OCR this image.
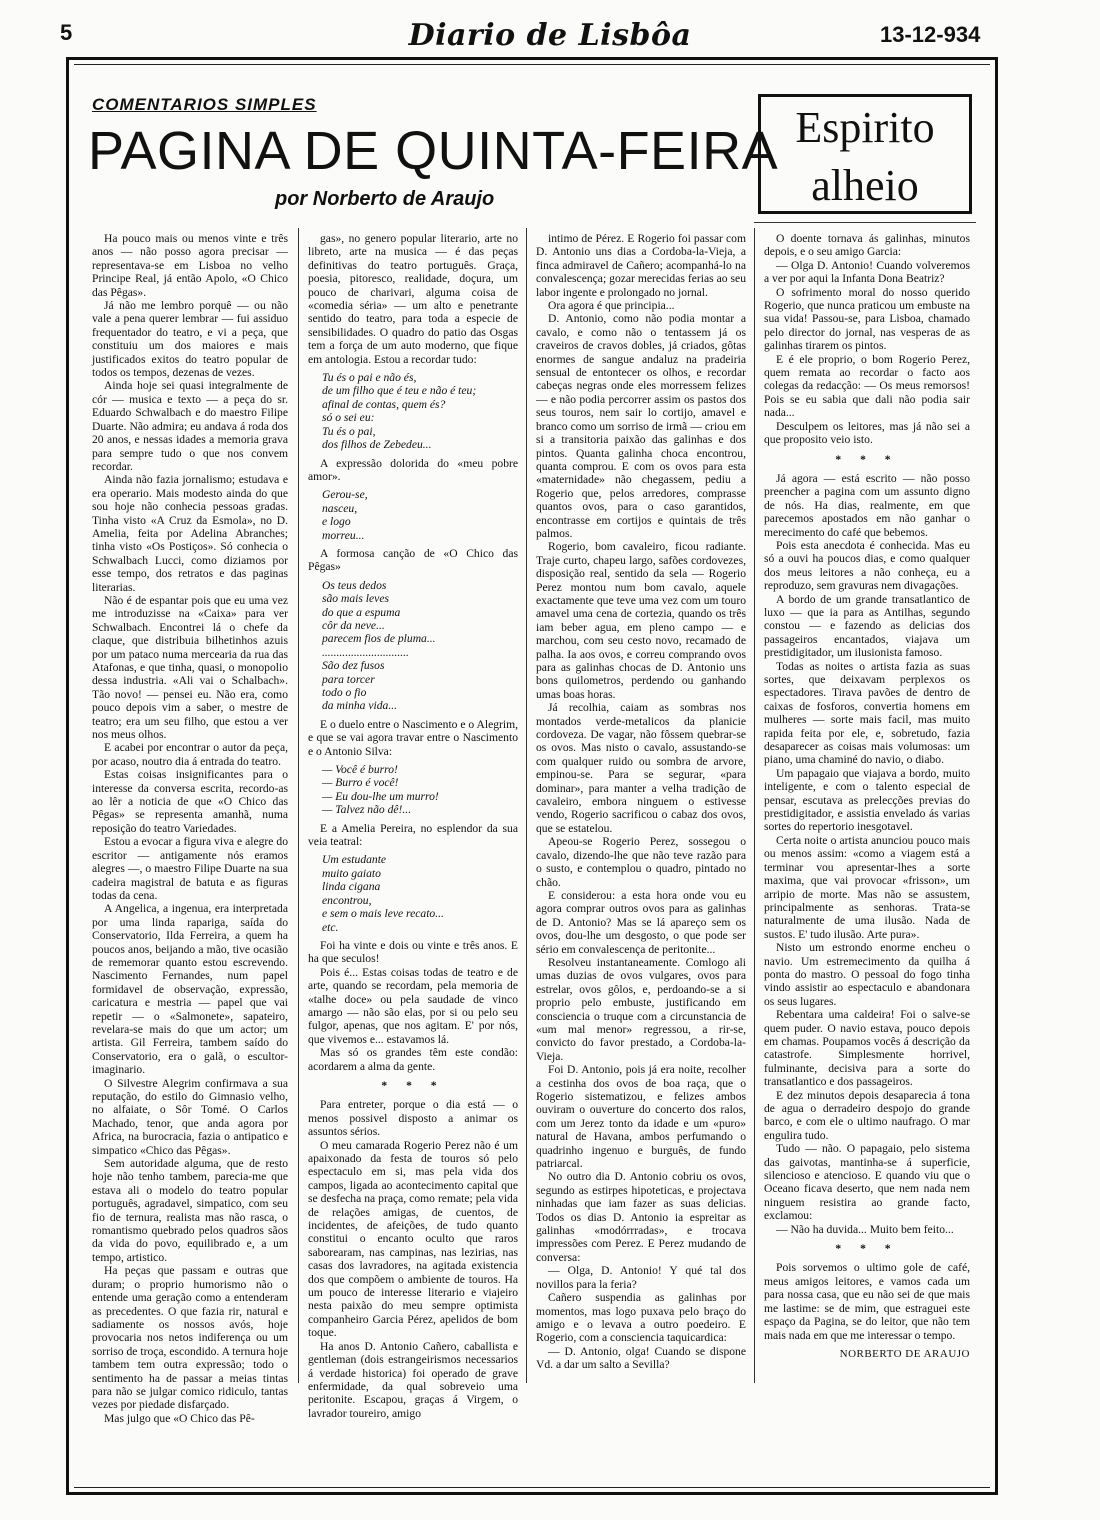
5	Diario de Lisbôa	13-12-934
COMENTARIOS SIMPLES
PAGINA DE QUINTA-FEIRA
por Norberto de Araujo
Espirito
alheio

Ha pouco mais ou menos vinte e três anos — não posso agora precisar — representava-se em Lisboa no velho Principe Real, já então Apolo, «O Chico das Pêgas».

Já não me lembro porquê — ou não vale a pena querer lembrar — fui assiduo frequentador do teatro, e vi a peça, que constituiu um dos maiores e mais justificados exitos do teatro popular de todos os tempos, dezenas de vezes.

Ainda hoje sei quasi integralmente de cór — musica e texto — a peça do sr. Eduardo Schwalbach e do maestro Filipe Duarte. Não admira; eu andava á roda dos 20 anos, e nessas idades a memoria grava para sempre tudo o que nos convem recordar.

Ainda não fazia jornalismo; estudava e era operario. Mais modesto ainda do que sou hoje não conhecia pessoas gradas. Tinha visto «A Cruz da Esmola», no D. Amelia, feita por Adelina Abranches; tinha visto «Os Postiços». Só conhecia o Schwalbach Lucci, como diziamos por esse tempo, dos retratos e das paginas literarias.

Não é de espantar pois que eu uma vez me introduzisse na «Caixa» para ver Schwalbach. Encontrei lá o chefe da claque, que distribuia bilhetinhos azuis por um pataco numa mercearia da rua das Atafonas, e que tinha, quasi, o monopolio dessa industria. «Ali vai o Schalbach». Tão novo! — pensei eu. Não era, como pouco depois vim a saber, o mestre de teatro; era um seu filho, que estou a ver nos meus olhos.

E acabei por encontrar o autor da peça, por acaso, noutro dia á entrada do teatro.

Estas coisas insignificantes para o interesse da conversa escrita, recordo-as ao lêr a noticia de que «O Chico das Pêgas» se representa amanhã, numa reposição do teatro Variedades.

Estou a evocar a figura viva e alegre do escritor — antigamente nós eramos alegres —, o maestro Filipe Duarte na sua cadeira magistral de batuta e as figuras todas da cena.

A Angelica, a ingenua, era interpretada por uma linda rapariga, saída do Conservatorio, Ilda Ferreira, a quem ha poucos anos, beijando a mão, tive ocasião de rememorar quanto estou escrevendo. Nascimento Fernandes, num papel formidavel de observação, expressão, caricatura e mestria — papel que vai repetir — o «Salmonete», sapateiro, revelara-se mais do que um actor; um artista. Gil Ferreira, tambem saído do Conservatorio, era o galã, o escultor-imaginario.

O Silvestre Alegrim confirmava a sua reputação, do estilo do Gimnasio velho, no alfaiate, o Sôr Tomé. O Carlos Machado, tenor, que anda agora por Africa, na burocracia, fazia o antipatico e simpatico «Chico das Pêgas».

Sem autoridade alguma, que de resto hoje não tenho tambem, parecia-me que estava ali o modelo do teatro popular português, agradavel, simpatico, com seu fio de ternura, realista mas não rasca, o romantismo quebrado pelos quadros sãos da vida do povo, equilibrado e, a um tempo, artistico.

Ha peças que passam e outras que duram; o proprio humorismo não o entende uma geração como a entenderam as precedentes. O que fazia rir, natural e sadiamente os nossos avós, hoje provocaria nos netos indiferença ou um sorriso de troça, escondido. A ternura hoje tambem tem outra expressão; todo o sentimento ha de passar a meias tintas para não se julgar comico ridiculo, tantas vezes por piedade disfarçado.

Mas julgo que «O Chico das Pê-

gas», no genero popular literario, arte no libreto, arte na musica — é das peças definitivas do teatro português. Graça, poesia, pitoresco, realidade, doçura, um pouco de charivari, alguma coisa de «comedia séria» — um alto e penetrante sentido do teatro, para toda a especie de sensibilidades. O quadro do patio das Osgas tem a força de um auto moderno, que fique em antologia. Estou a recordar tudo:

Tu és o pai e não és,
de um filho que é teu e não é teu;
afinal de contas, quem és?
só o sei eu:
Tu és o pai,
dos filhos de Zebedeu...

A expressão dolorida do «meu pobre amor».

Gerou-se,
nasceu,
e logo
morreu...

A formosa canção de «O Chico das Pêgas»

Os teus dedos
são mais leves
do que a espuma
côr da neve...
parecem fios de pluma...
..............................
São dez fusos
para torcer
todo o fio
da minha vida...

E o duelo entre o Nascimento e o Alegrim, e que se vai agora travar entre o Nascimento e o Antonio Silva:

— Você é burro!
— Burro é você!
— Eu dou-lhe um murro!
— Talvez não dê!...

E a Amelia Pereira, no esplendor da sua veia teatral:

Um estudante
muito gaiato
linda cigana
encontrou,
e sem o mais leve recato...
etc.

Foi ha vinte e dois ou vinte e três anos. E ha que seculos!

Pois é... Estas coisas todas de teatro e de arte, quando se recordam, pela memoria de «talhe doce» ou pela saudade de vinco amargo — não são elas, por si ou pelo seu fulgor, apenas, que nos agitam. E' por nós, que vivemos e... estavamos lá.

Mas só os grandes têm este condão: acordarem a alma da gente.

* * *

Para entreter, porque o dia está — o menos possivel disposto a animar os assuntos sérios.

O meu camarada Rogerio Perez não é um apaixonado da festa de touros só pelo espectaculo em si, mas pela vida dos campos, ligada ao acontecimento capital que se desfecha na praça, como remate; pela vida de relações amigas, de cuentos, de incidentes, de afeições, de tudo quanto constitui o encanto oculto que raros saborearam, nas campinas, nas lezirias, nas casas dos lavradores, na agitada existencia dos que compõem o ambiente de touros. Ha um pouco de interesse literario e viajeiro nesta paixão do meu sempre optimista companheiro Garcia Pérez, apelidos de bom toque.

Ha anos D. Antonio Cañero, caballista e gentleman (dois estrangeirismos necessarios á verdade historica) foi operado de grave enfermidade, da qual sobreveio uma peritonite. Escapou, graças á Virgem, o lavrador toureiro, amigo

intimo de Pérez. E Rogerio foi passar com D. Antonio uns dias a Cordoba-la-Vieja, a finca admiravel de Cañero; acompanhá-lo na convalescença; gozar merecidas ferias ao seu labor ingente e prolongado no jornal.

Ora agora é que principia...

D. Antonio, como não podia montar a cavalo, e como não o tentassem já os craveiros de cravos dobles, já criados, gôtas enormes de sangue andaluz na pradeiria sensual de entontecer os olhos, e recordar cabeças negras onde eles morressem felizes — e não podia percorrer assim os pastos dos seus touros, nem sair lo cortijo, amavel e branco como um sorriso de irmã — criou em si a transitoria paixão das galinhas e dos pintos. Quanta galinha choca encontrou, quanta comprou. E com os ovos para esta «maternidade» não chegassem, pediu a Rogerio que, pelos arredores, comprasse quantos ovos, para o caso garantidos, encontrasse em cortijos e quintais de três palmos.

Rogerio, bom cavaleiro, ficou radiante. Traje curto, chapeu largo, safões cordovezes, disposição real, sentido da sela — Rogerio Perez montou num bom cavalo, aquele exactamente que teve uma vez com um touro amavel uma cena de cortezia, quando os três iam beber agua, em pleno campo — e marchou, com seu cesto novo, recamado de palha. Ia aos ovos, e correu comprando ovos para as galinhas chocas de D. Antonio uns bons quilometros, perdendo ou ganhando umas boas horas.

Já recolhia, caiam as sombras nos montados verde-metalicos da planicie cordoveza. De vagar, não fôssem quebrar-se os ovos. Mas nisto o cavalo, assustando-se com qualquer ruido ou sombra de arvore, empinou-se. Para se segurar, «para dominar», para manter a velha tradição de cavaleiro, embora ninguem o estivesse vendo, Rogerio sacrificou o cabaz dos ovos, que se estatelou.

Apeou-se Rogerio Perez, sossegou o cavalo, dizendo-lhe que não teve razão para o susto, e contemplou o quadro, pintado no chão.

E considerou: a esta hora onde vou eu agora comprar outros ovos para as galinhas de D. Antonio? Mas se lá apareço sem os ovos, dou-lhe um desgosto, o que pode ser sério em convalescença de peritonite...

Resolveu instantaneamente. Comlogo ali umas duzias de ovos vulgares, ovos para estrelar, ovos gôlos, e, perdoando-se a si proprio pelo embuste, justificando em consciencia o truque com a circunstancia de «um mal menor» regressou, a rir-se, convicto do favor prestado, a Cordoba-la-Vieja.

Foi D. Antonio, pois já era noite, recolher a cestinha dos ovos de boa raça, que o Rogerio sistematizou, e felizes ambos ouviram o ouverture do concerto dos ralos, com um Jerez tonto da idade e um «puro» natural de Havana, ambos perfumando o quadrinho ingenuo e burguês, de fundo patriarcal.

No outro dia D. Antonio cobriu os ovos, segundo as estirpes hipoteticas, e projectava ninhadas que iam fazer as suas delicias. Todos os dias D. Antonio ia espreitar as galinhas «modórrradas», e trocava impressões com Perez. E Perez mudando de conversa:

— Olga, D. Antonio! Y qué tal dos novillos para la feria?

Cañero suspendia as galinhas por momentos, mas logo puxava pelo braço do amigo e o levava a outro poedeiro. E Rogerio, com a consciencia taquicardica:

— D. Antonio, olga! Cuando se dispone Vd. a dar um salto a Sevilla?

O doente tornava ás galinhas, minutos depois, e o seu amigo Garcia:

— Olga D. Antonio! Cuando volveremos a ver por aqui la Infanta Dona Beatriz?

O sofrimento moral do nosso querido Rogerio, que nunca praticou um embuste na sua vida! Passou-se, para Lisboa, chamado pelo director do jornal, nas vesperas de as galinhas tirarem os pintos.

E é ele proprio, o bom Rogerio Perez, quem remata ao recordar o facto aos colegas da redacção: — Os meus remorsos! Pois se eu sabia que dali não podia sair nada...

Desculpem os leitores, mas já não sei a que proposito veio isto.

* * *

Já agora — está escrito — não posso preencher a pagina com um assunto digno de nós. Ha dias, realmente, em que parecemos apostados em não ganhar o merecimento do café que bebemos.

Pois esta anecdota é conhecida. Mas eu só a ouvi ha poucos dias, e como qualquer dos meus leitores a não conheça, eu a reproduzo, sem gravuras nem divagações.

A bordo de um grande transatlantico de luxo — que ia para as Antilhas, segundo constou — e fazendo as delicias dos passageiros encantados, viajava um prestidigitador, um ilusionista famoso.

Todas as noites o artista fazia as suas sortes, que deixavam perplexos os espectadores. Tirava pavões de dentro de caixas de fosforos, convertia homens em mulheres — sorte mais facil, mas muito rapida feita por ele, e, sobretudo, fazia desaparecer as coisas mais volumosas: um piano, uma chaminé do navio, o diabo.

Um papagaio que viajava a bordo, muito inteligente, e com o talento especial de pensar, escutava as prelecções previas do prestidigitador, e assistia envelado ás varias sortes do repertorio inesgotavel.

Certa noite o artista anunciou pouco mais ou menos assim: «como a viagem está a terminar vou apresentar-lhes a sorte maxima, que vai provocar «frisson», um arripio de morte. Mas não se assustem, principalmente as senhoras. Trata-se naturalmente de uma ilusão. Nada de sustos. E' tudo ilusão. Arte pura».

Nisto um estrondo enorme encheu o navio. Um estremecimento da quilha á ponta do mastro. O pessoal do fogo tinha vindo assistir ao espectaculo e abandonara os seus lugares.

Rebentara uma caldeira! Foi o salve-se quem puder. O navio estava, pouco depois em chamas. Poupamos vocês á descrição da catastrofe. Simplesmente horrivel, fulminante, decisiva para a sorte do transatlantico e dos passageiros.

E dez minutos depois desaparecia á tona de agua o derradeiro despojo do grande barco, e com ele o ultimo naufrago. O mar engulira tudo.

Tudo — não. O papagaio, pelo sistema das gaivotas, mantinha-se á superficie, silencioso e atencioso. E quando viu que o Oceano ficava deserto, que nem nada nem ninguem resistira ao grande facto, exclamou:

— Não ha duvida... Muito bem feito...

* * *

Pois sorvemos o ultimo gole de café, meus amigos leitores, e vamos cada um para nossa casa, que eu não sei de que mais me lastime: se de mim, que estraguei este espaço da Pagina, se do leitor, que não tem mais nada em que me interessar o tempo.

NORBERTO DE ARAUJO
